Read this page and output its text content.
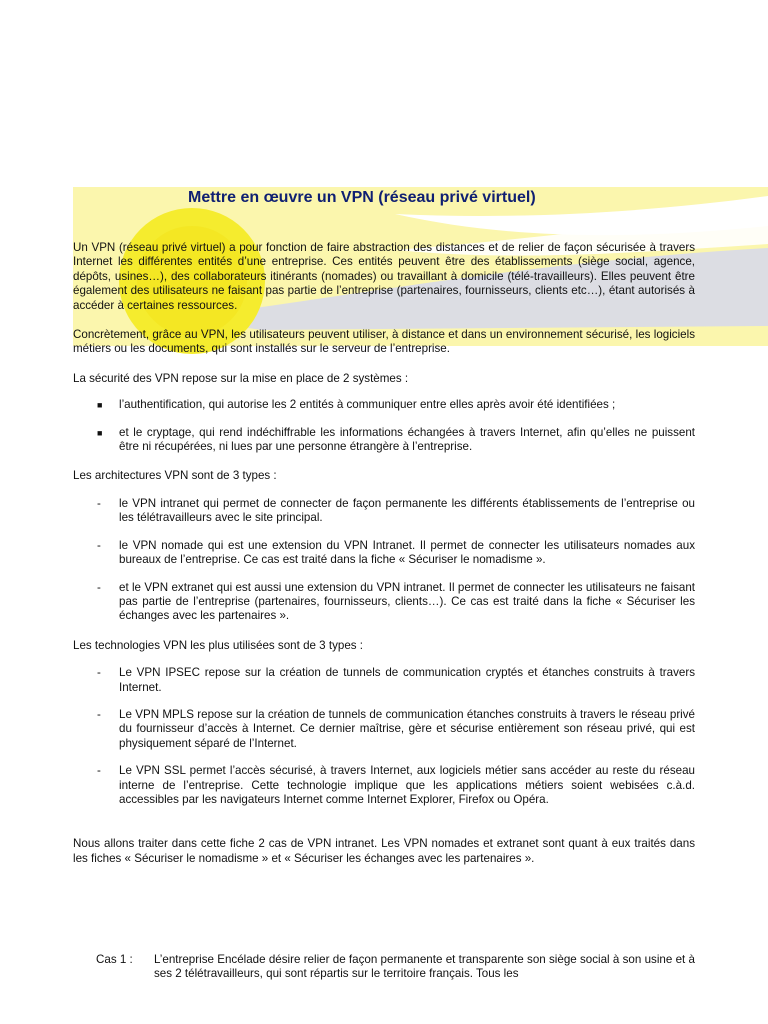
Mettre en œuvre un VPN (réseau privé virtuel)

Un VPN (réseau privé virtuel) a pour fonction de faire abstraction des distances et de relier de façon sécurisée à travers Internet les différentes entités d’une entreprise. Ces entités peuvent être des établissements (siège social, agence, dépôts, usines…), des collaborateurs itinérants (nomades) ou travaillant à domicile (télé-travailleurs). Elles peuvent être également des utilisateurs ne faisant pas partie de l’entreprise (partenaires, fournisseurs, clients etc…), étant autorisés à accéder à certaines ressources.

Concrètement, grâce au VPN, les utilisateurs peuvent utiliser, à distance et dans un environnement sécurisé, les logiciels métiers ou les documents, qui sont installés sur le serveur de l’entreprise.

La sécurité des VPN repose sur la mise en place de 2 systèmes :

■ l’authentification, qui autorise les 2 entités à communiquer entre elles après avoir été identifiées ;

■ et le cryptage, qui rend indéchiffrable les informations échangées à travers Internet, afin qu’elles ne puissent être ni récupérées, ni lues par une personne étrangère à l’entreprise.

Les architectures VPN sont de 3 types :

- le VPN intranet qui permet de connecter de façon permanente les différents établissements de l’entreprise ou les télétravailleurs avec le site principal.

- le VPN nomade qui est une extension du VPN Intranet. Il permet de connecter les utilisateurs nomades aux bureaux de l’entreprise. Ce cas est traité dans la fiche « Sécuriser le nomadisme ».

- et le VPN extranet qui est aussi une extension du VPN intranet. Il permet de connecter les utilisateurs ne faisant pas partie de l’entreprise (partenaires, fournisseurs, clients…). Ce cas est traité dans la fiche « Sécuriser les échanges avec les partenaires ».

Les technologies VPN les plus utilisées sont de 3 types :

- Le VPN IPSEC repose sur la création de tunnels de communication cryptés et étanches construits à travers Internet.

- Le VPN MPLS repose sur la création de tunnels de communication étanches construits à travers le réseau privé du fournisseur d’accès à Internet. Ce dernier maîtrise, gère et sécurise entièrement son réseau privé, qui est physiquement séparé de l’Internet.

- Le VPN SSL permet l’accès sécurisé, à travers Internet, aux logiciels métier sans accéder au reste du réseau interne de l’entreprise. Cette technologie implique que les applications métiers soient webisées c.à.d. accessibles par les navigateurs Internet comme Internet Explorer, Firefox ou Opéra.

Nous allons traiter dans cette fiche 2 cas de VPN intranet. Les VPN nomades et extranet sont quant à eux traités dans les fiches « Sécuriser le nomadisme » et « Sécuriser les échanges avec les partenaires ».

Cas 1 : L’entreprise Encélade désire relier de façon permanente et transparente son siège social à son usine et à ses 2 télétravailleurs, qui sont répartis sur le territoire français. Tous les
